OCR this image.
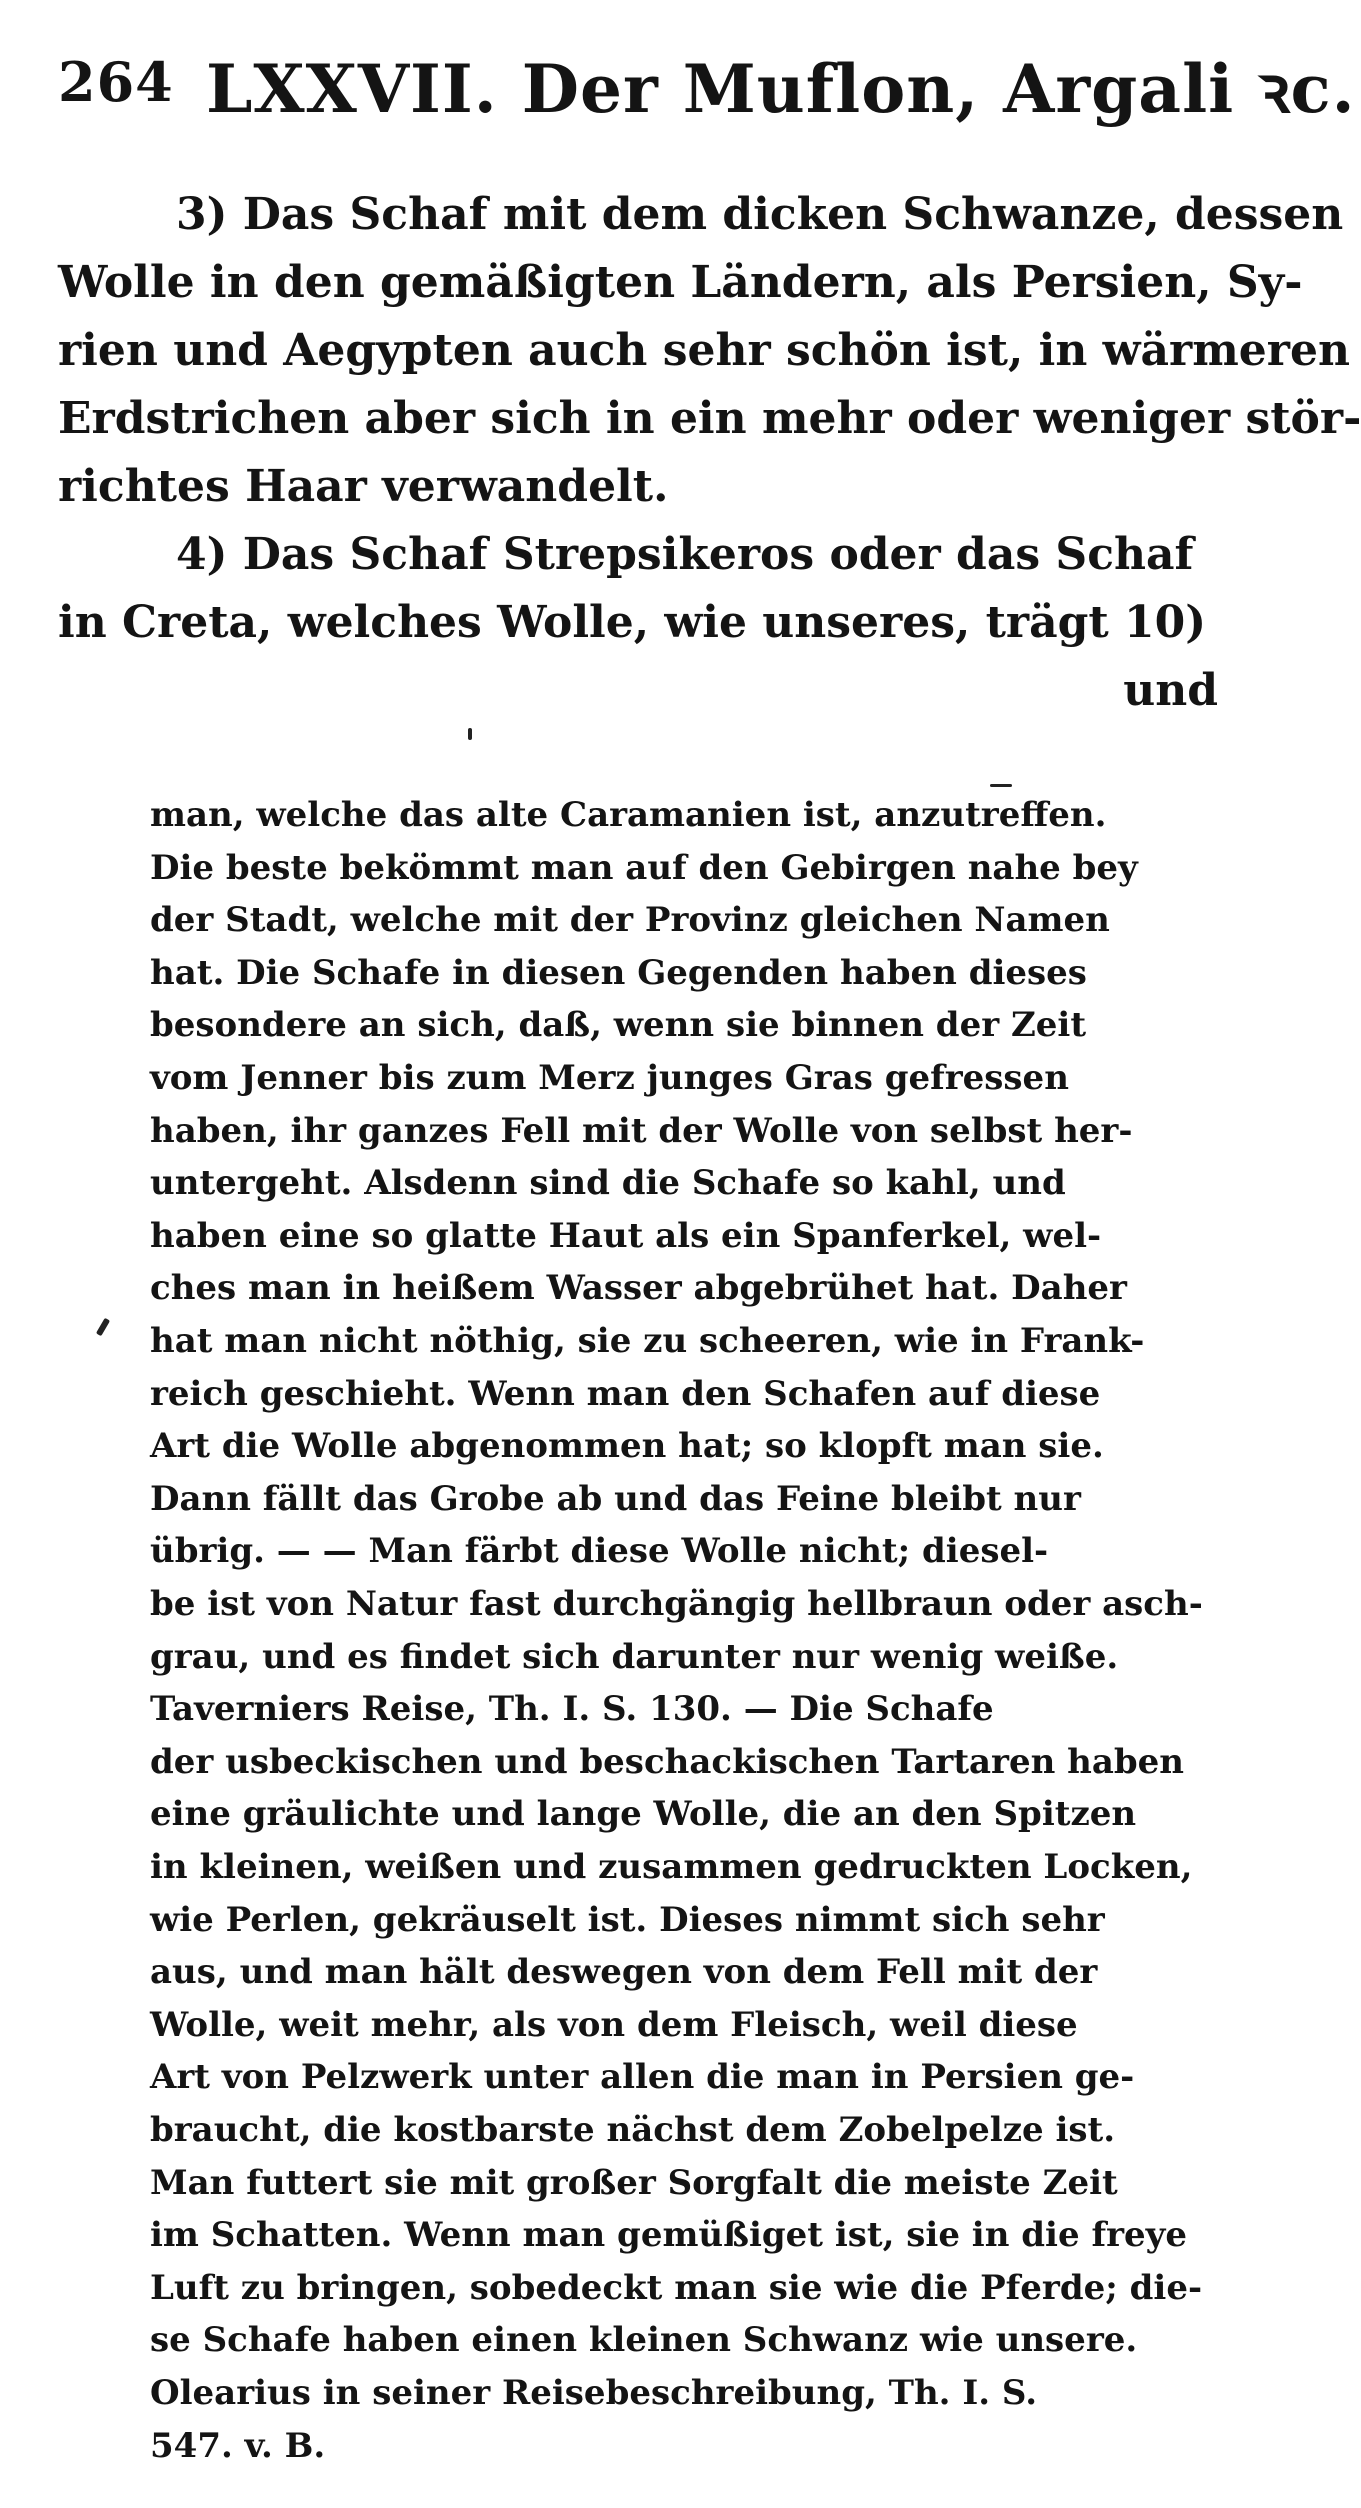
264 LXXVII. Der Muflon, Argali ꝛc.
3) Das Schaf mit dem dicken Schwanze, dessen
Wolle in den gemäßigten Ländern, als Persien, Sy-
rien und Aegypten auch sehr schön ist, in wärmeren
Erdstrichen aber sich in ein mehr oder weniger stör-
richtes Haar verwandelt.
4) Das Schaf Strepsikeros oder das Schaf
in Creta, welches Wolle, wie unseres, trägt 10)
und
man, welche das alte Caramanien ist, anzutreffen.
Die beste bekömmt man auf den Gebirgen nahe bey
der Stadt, welche mit der Provinz gleichen Namen
hat. Die Schafe in diesen Gegenden haben dieses
besondere an sich, daß, wenn sie binnen der Zeit
vom Jenner bis zum Merz junges Gras gefressen
haben, ihr ganzes Fell mit der Wolle von selbst her-
untergeht. Alsdenn sind die Schafe so kahl, und
haben eine so glatte Haut als ein Spanferkel, wel-
ches man in heißem Wasser abgebrühet hat. Daher
hat man nicht nöthig, sie zu scheeren, wie in Frank-
reich geschieht. Wenn man den Schafen auf diese
Art die Wolle abgenommen hat; so klopft man sie.
Dann fällt das Grobe ab und das Feine bleibt nur
übrig. — — Man färbt diese Wolle nicht; diesel-
be ist von Natur fast durchgängig hellbraun oder asch-
grau, und es findet sich darunter nur wenig weiße.
Taverniers Reise, Th. I. S. 130. — Die Schafe
der usbeckischen und beschackischen Tartaren haben
eine gräulichte und lange Wolle, die an den Spitzen
in kleinen, weißen und zusammen gedruckten Locken,
wie Perlen, gekräuselt ist. Dieses nimmt sich sehr
aus, und man hält deswegen von dem Fell mit der
Wolle, weit mehr, als von dem Fleisch, weil diese
Art von Pelzwerk unter allen die man in Persien ge-
braucht, die kostbarste nächst dem Zobelpelze ist.
Man futtert sie mit großer Sorgfalt die meiste Zeit
im Schatten. Wenn man gemüßiget ist, sie in die freye
Luft zu bringen, sobedeckt man sie wie die Pferde; die-
se Schafe haben einen kleinen Schwanz wie unsere.
Olearius in seiner Reisebeschreibung, Th. I. S.
547. v. B.
